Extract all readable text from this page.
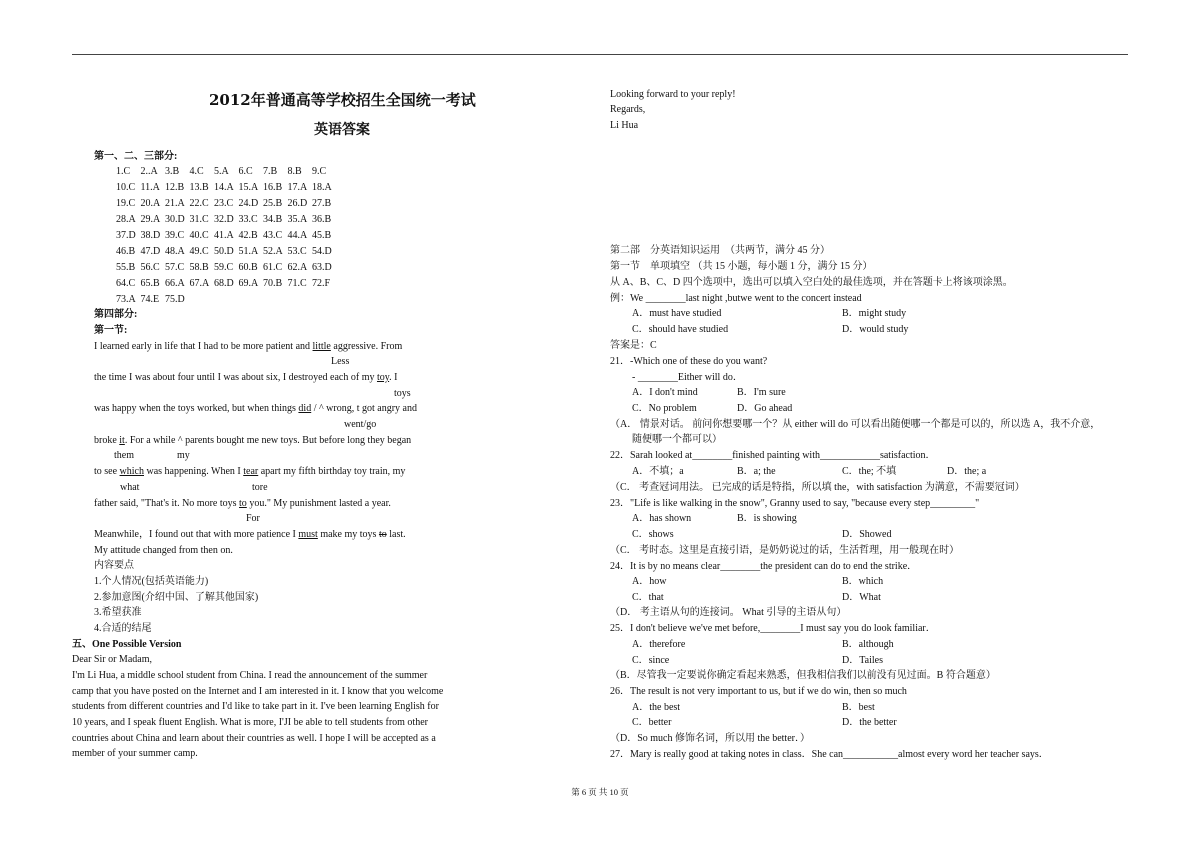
2012年普通高等学校招生全国统一考试
英语答案
第一、二、三部分:
1.C 2..A 3.B 4.C 5.A 6.C 7.B 8.B 9.C
10.C 11.A 12.B 13.B 14.A 15.A 16.B 17.A 18.A
19.C 20.A 21.A 22.C 23.C 24.D 25.B 26.D 27.B
28.A 29.A 30.D 31.C 32.D 33.C 34.B 35.A 36.B
37.D 38.D 39.C 40.C 41.A 42.B 43.C 44.A 45.B
46.B 47.D 48.A 49.C 50.D 51.A 52.A 53.C 54.D
55.B 56.C 57.C 58.B 59.C 60.B 61.C 62.A 63.D
64.C 65.B 66.A 67.A 68.D 69.A 70.B 71.C 72.F
73.A 74.E 75.D
第四部分:
第一节:
I learned early in life that I had to be more patient and little aggressive. From
Less
the time I was about four until I was about six, I destroyed each of my toy. I
toys
was happy when the toys worked, but when things did / ^ wrong, t got angry and
went/go
broke it. For a while ^ parents bought me new toys. But before long they began
them	my
to see which was happening. When I tear apart my fifth birthday toy train, my
what	tore
father said, "That's it. No more toys to you." My punishment lasted a year.
For
Meanwhile，I found out that with more patience I must make my toys to last.
My attitude changed from then on.
内容要点
1.个人情况(包括英语能力)
2.参加意图(介绍中国、了解其他国家)
3.希望获准
4.合适的结尾
五、One Possible Version
Dear Sir or Madam,
I'm Li Hua, a middle school student from China. I read the announcement of the summer
camp that you have posted on the Internet and I am interested in it. I know that you welcome
students from different countries and I'd like to take part in it. I've been learning English for
10 years, and I speak fluent English. What is more, I'JI be able to tell students from other
countries about China and learn about their countries as well. I hope I will be accepted as a
member of your summer camp.
Looking forward to your reply!
Regards,
Li Hua
第二部　分英语知识运用　（共两节，满分 45 分）
第一节　单项填空 （共 15 小题，每小题 1 分，满分 15 分）
从 A、B、C、D 四个选项中，选出可以填入空白处的最佳选项，并在答题卡上将该项涂黑。
例：We ________last night ,butwe went to the concert instead
A．must have studied	B．might study
C．should have studied	D．would study
答案是：C
21．-Which one of these do you want?
- ________Either will do．
A．I don't mind	B．I'm sure
C．No problem	D．Go ahead
（A． 情景对话。 前问你想要哪一个？从 either will do 可以看出随便哪一个都是可以的，所以选 A，我不介意，
随便哪一个都可以）
22．Sarah looked at________finished painting with____________satisfaction．
A．不填；a	B．a; the	C．the; 不填	D．the; a
（C． 考查冠词用法。 已完成的话是特指，所以填 the，with satisfaction 为满意，不需要冠词）
23．"Life is like walking in the snow", Granny used to say, "because every step_________"
A．has shown	B．is showing
C．shows	D．Showed
（C． 考时态。这里是直接引语，是奶奶说过的话，生活哲理，用一般现在时）
24．It is by no means clear________the president can do to end the strike．
A．how	B．which
C．that	D．What
（D． 考主语从句的连接词。 What 引导的主语从句）
25．I don't believe we've met before,________I must say you do look familiar．
A．therefore	B．although
C．since	D．Tailes
（B．尽管我一定要说你确定看起来熟悉，但我相信我们以前没有见过面。B 符合题意）
26．The result is not very important to us, but if we do win, then so much
A．the best	B．best
C．better	D．the better
（D．So much 修饰名词，所以用 the better．）
27．Mary is really good at taking notes in class．She can___________almost every word her teacher says．
第 6 页 共 10 页
